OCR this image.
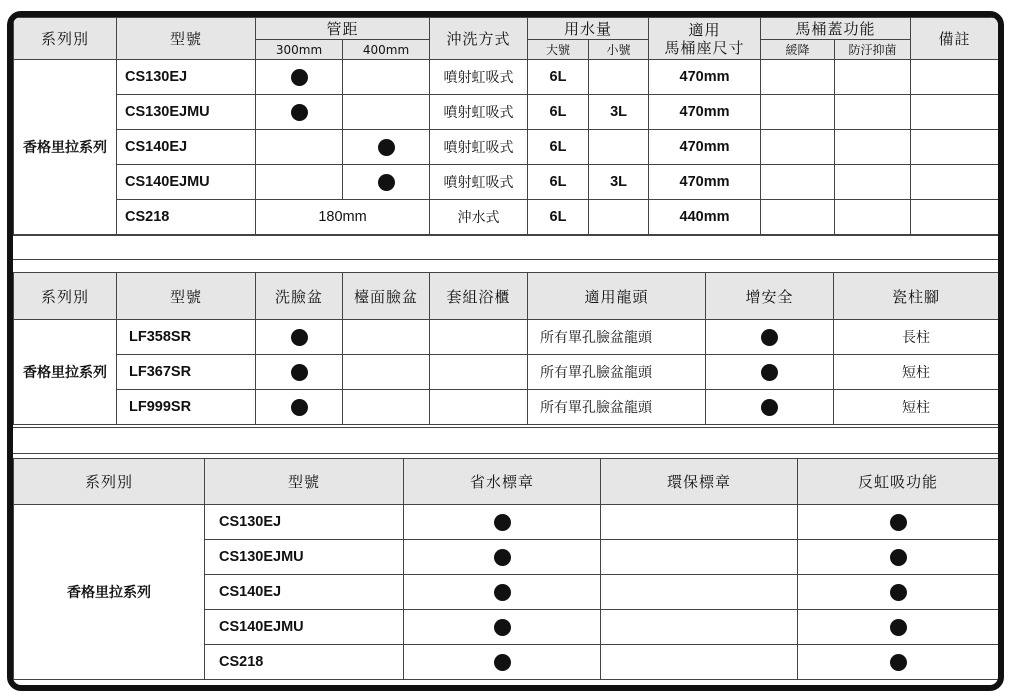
系列別	型號	管距		沖洗方式	用水量		適用
馬桶座尺寸	馬桶蓋功能		備註
		300mm	400mm		大號	小號		緩降	防汙抑菌	
香格里拉系列	CS130EJ			噴射虹吸式	6L		470mm			
	CS130EJMU			噴射虹吸式	6L	3L	470mm			
	CS140EJ			噴射虹吸式	6L		470mm			
	CS140EJMU			噴射虹吸式	6L	3L	470mm			
	CS218	180mm		沖水式	6L		440mm			
系列別	型號	洗臉盆	檯面臉盆	套組浴櫃	適用龍頭	增安全	瓷柱腳
香格里拉系列	LF358SR				所有單孔臉盆龍頭		長柱
	LF367SR				所有單孔臉盆龍頭		短柱
	LF999SR				所有單孔臉盆龍頭		短柱
系列別	型號	省水標章	環保標章	反虹吸功能
香格里拉系列	CS130EJ			
	CS130EJMU			
	CS140EJ			
	CS140EJMU			
	CS218			
